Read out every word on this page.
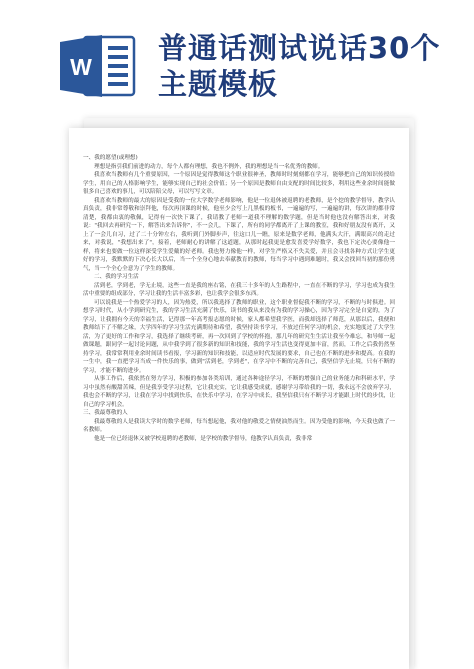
W
普通话测试说话30个主题模板

一、我的愿望(或理想)

理想是指引我们前进的动力，每个人都有理想，我也不例外，我的理想是当一名优秀的教师。

我喜欢当教师有几个重要原因，一个原因是觉得教师这个职业很神圣，教师时时刻刻都在学习，能够把自己的知识传授给学生，用自己的人格影响学生，能够实现自己的社会价值；另一个原因是教师自由支配的时间比较多，利用这些业余时间能做很多自己喜欢的事儿，可以陪陪父母，可以写写文章。

我喜欢当教师的最大的原因是受我的一位大学数学老师影响，他是一位退休被返聘的老教师，是个挖的教学督导，教学认真负责，我非常尊敬和崇拜他，每次再顶课的时候，他至少会写上几黑板的板书，一遍遍的写，一遍遍的讲，每次讲的都非常清楚，我都由衷的敬佩，记得有一次快下课了，我请教了老师一道我不理解的数学题，但是当时他也没有解答出来，对我说："我回去再研究一下，解答出来告诉你"，不一会儿，下课了，所有的同学都离开了上课的教室，我和好朋友没有离开，又上了一会儿自习，过了二十分钟左右，我听到门外脚步声，往这口儿一瞧，原来是数学老师，他满头大汗，满眼高兴的走过来，对我说，"我想出来了"，接着，老师耐心的讲解了这道题，从那时起我更是愈发喜爱学好数学，我也下定决心要像他一样，将来也要做一位这样深受学生爱戴的好老师。我也努力像他一样，对学生严格又不失关爱，并且会寻找各种方式让学生更好的学习，我默默的下决心长大以后，当一个全身心地去奉献教育的教师，每当学习中遇到难题时，我又会找回当初的那份勇气，当一个全心全意为了学生的教师。

二、我的学习生活

活到老，学到老，学无止境，这些一直是我的座右铭，在我三十多年的人生路程中，一直在不断的学习，学习也成为我生活中重要的组成部分，学习让我的生活丰富多彩，也让我学会很多东西。

可以说我是一个热爱学习的人，因为热爱，所以我选择了教师的职业，这个职业督促我不断的学习，不断的与时俱进。回想学习时代，从小学到研究生，我的学习生活充满了快乐，读书的我从来没有为我的学习操心，因为学习完全是自觉的，为了学习，让我拥有今天的幸福生活，记得那一年高考报志愿的时候，家人都希望我学医，而我却选择了师范，从那以后，我便和教师结下了不解之缘，大学四年的学习生活充满期待和希望，我坚持读书学习，不放过任何学习的机会，充实地度过了大学生活，为了更好的工作和学习，我选择了继续考研，再一次回到了学校的怀抱，那几年的研究生生活让我至今难忘，和导师一起做课题，跟同学一起讨论问题，从中我学到了很多新的知识和技能，我的学习生活也变得更加丰富，然而，工作之后我仍然坚持学习，我常常利用业余时间读书看报，学习新的知识和技能，以适应时代发展的要求，自己也在不断的进步和提高。在我的一生中，我一直把学习当成一件快乐的事，做到"活到老，学到老"，在学习中不断的完善自己，我坚信学无止境，只有不断的学习，才能不断的进步。

从事工作后，我依然在努力学习，积极的参加各类培训，通过各种途径学习，不断的增强自己的业务能力和科研水平，学习中虽然有酸甜苦辣，但是我享受学习过程，它让我充实，它让我感受成就，感谢学习带给我的一切，我永远不会放弃学习，我也会不断的学习，让我在学习中找到快乐，在快乐中学习，在学习中成长，我坚信我只有不断学习才能跟上时代的步伐，让自己的学习机会。

三、我最尊敬的人

我最尊敬的人是我读大学时的数学老师，每当想起他，我对他的敬爱之情便油然而生。因为受他的影响，今天我也做了一名教师。

他是一位已经退休又被学校返聘的老教师，是学校的教学督导，他教学认真负责，我非常
